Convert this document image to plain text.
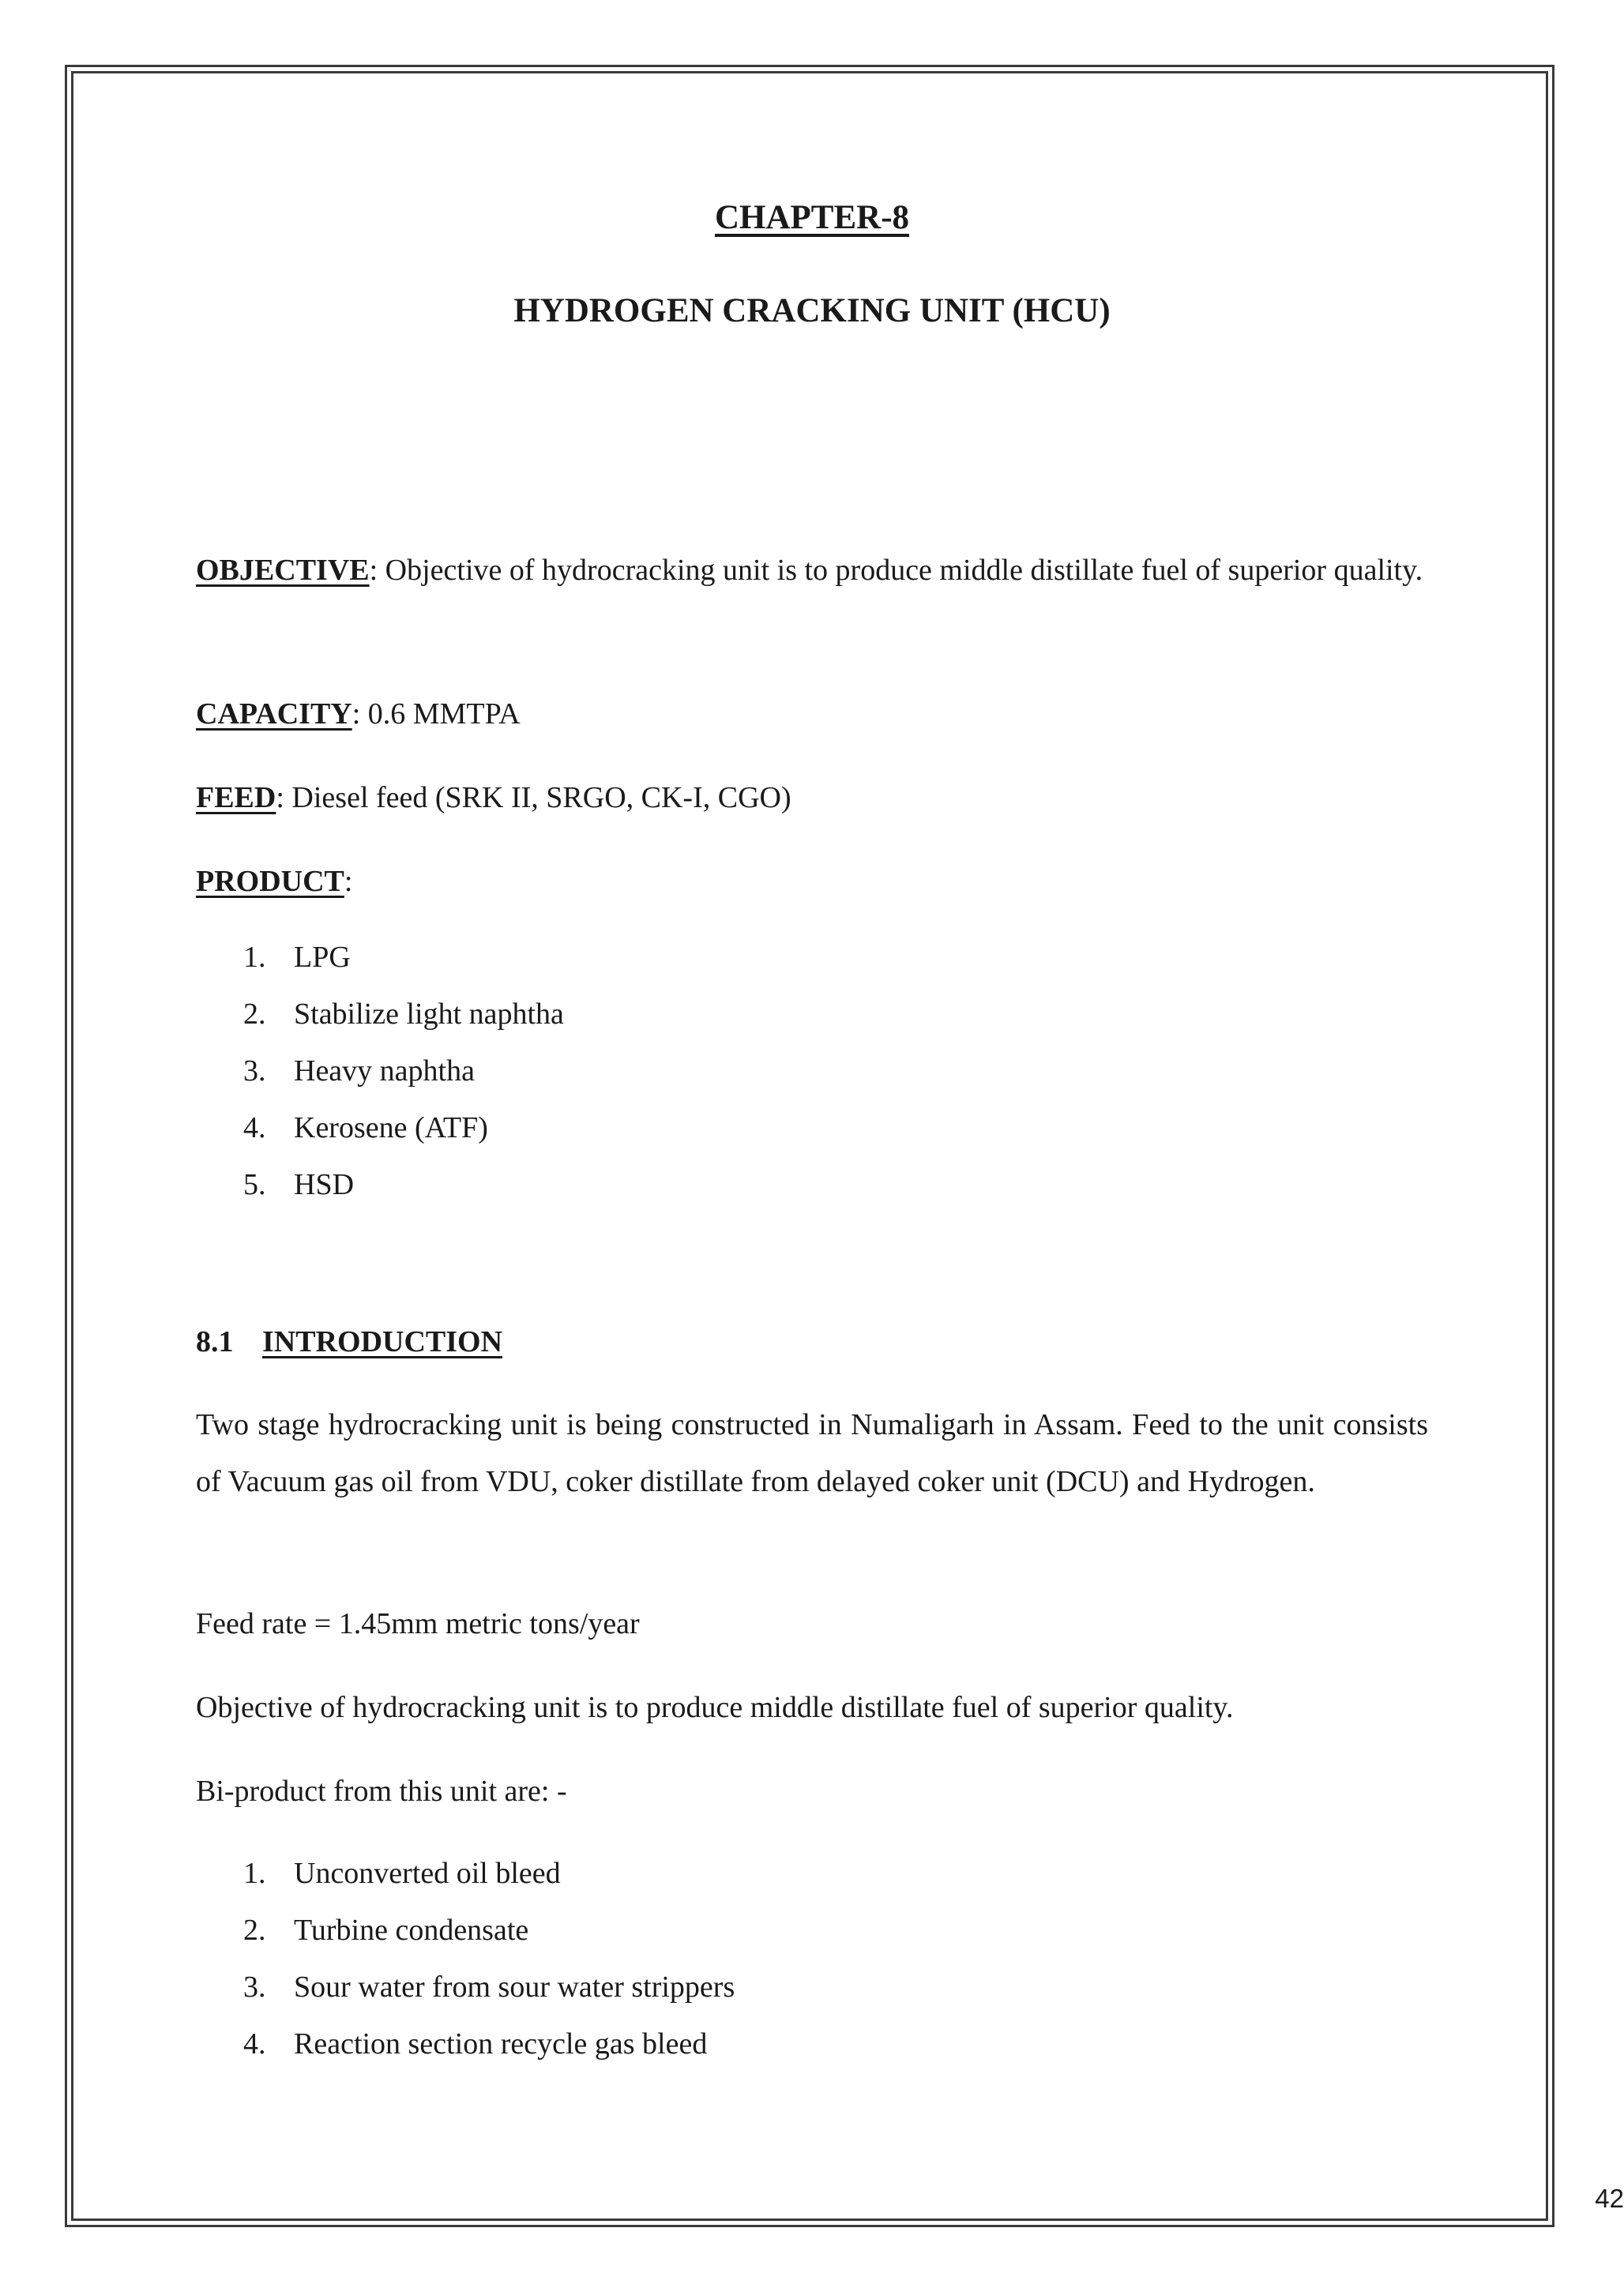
CHAPTER-8
HYDROGEN CRACKING UNIT (HCU)

OBJECTIVE: Objective of hydrocracking unit is to produce middle distillate fuel of superior quality.

CAPACITY: 0.6 MMTPA

FEED: Diesel feed (SRK II, SRGO, CK-I, CGO)

PRODUCT:

1. LPG
2. Stabilize light naphtha
3. Heavy naphtha
4. Kerosene (ATF)
5. HSD
8.1 INTRODUCTION

Two stage hydrocracking unit is being constructed in Numaligarh in Assam. Feed to the unit consists of Vacuum gas oil from VDU, coker distillate from delayed coker unit (DCU) and Hydrogen.

Feed rate = 1.45mm metric tons/year

Objective of hydrocracking unit is to produce middle distillate fuel of superior quality.

Bi-product from this unit are: -

1. Unconverted oil bleed
2. Turbine condensate
3. Sour water from sour water strippers
4. Reaction section recycle gas bleed
42
